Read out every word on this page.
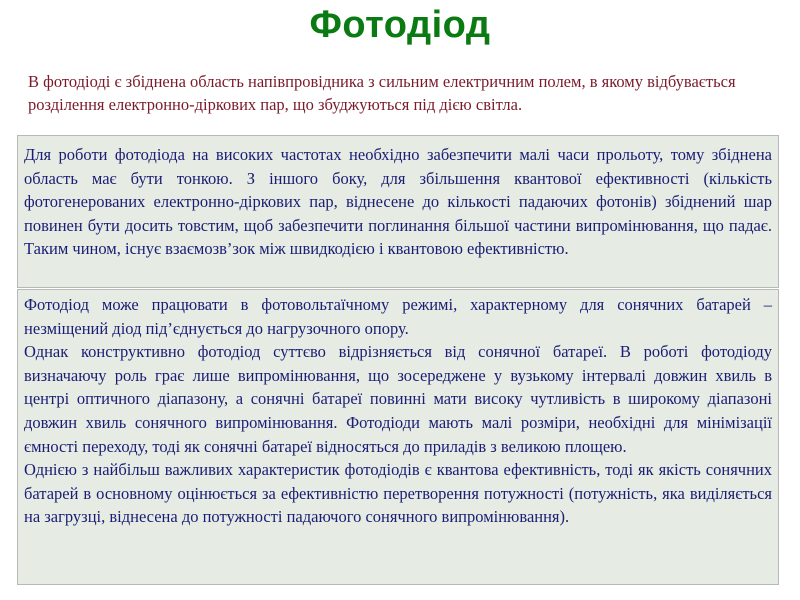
Фотодіод
В фотодіоді є збіднена область напівпровідника з сильним електричним полем, в якому відбувається розділення електронно-діркових пар, що збуджуються під дією світла.

Для роботи фотодіода на високих частотах необхідно забезпечити малі часи прольоту, тому збіднена область має бути тонкою. З іншого боку, для збільшення квантової ефективності (кількість фотогенерованих електронно-діркових пар, віднесене до кількості падаючих фотонів) збіднений шар повинен бути досить товстим, щоб забезпечити поглинання більшої частини випромінювання, що падає. Таким чином, існує взаємозв’зок між швидкодією і квантовою ефективністю.

Фотодіод може працювати в фотовольтаїчному режимі, характерному для сонячних батарей – незміщений діод під’єднується до нагрузочного опору.

Однак конструктивно фотодіод суттєво відрізняється від сонячної батареї. В роботі фотодіоду визначаючу роль грає лише випромінювання, що зосереджене у вузькому інтервалі довжин хвиль в центрі оптичного діапазону, а сонячні батареї повинні мати високу чутливість в широкому діапазоні довжин хвиль сонячного випромінювання. Фотодіоди мають малі розміри, необхідні для мінімізації ємності переходу, тоді як сонячні батареї відносяться до приладів з великою площею.

Однією з найбільш важливих характеристик фотодіодів є квантова ефективність, тоді як якість сонячних батарей в основному оцінюється за ефективністю перетворення потужності (потужність, яка виділяється на загрузці, віднесена до потужності падаючого сонячного випромінювання).
